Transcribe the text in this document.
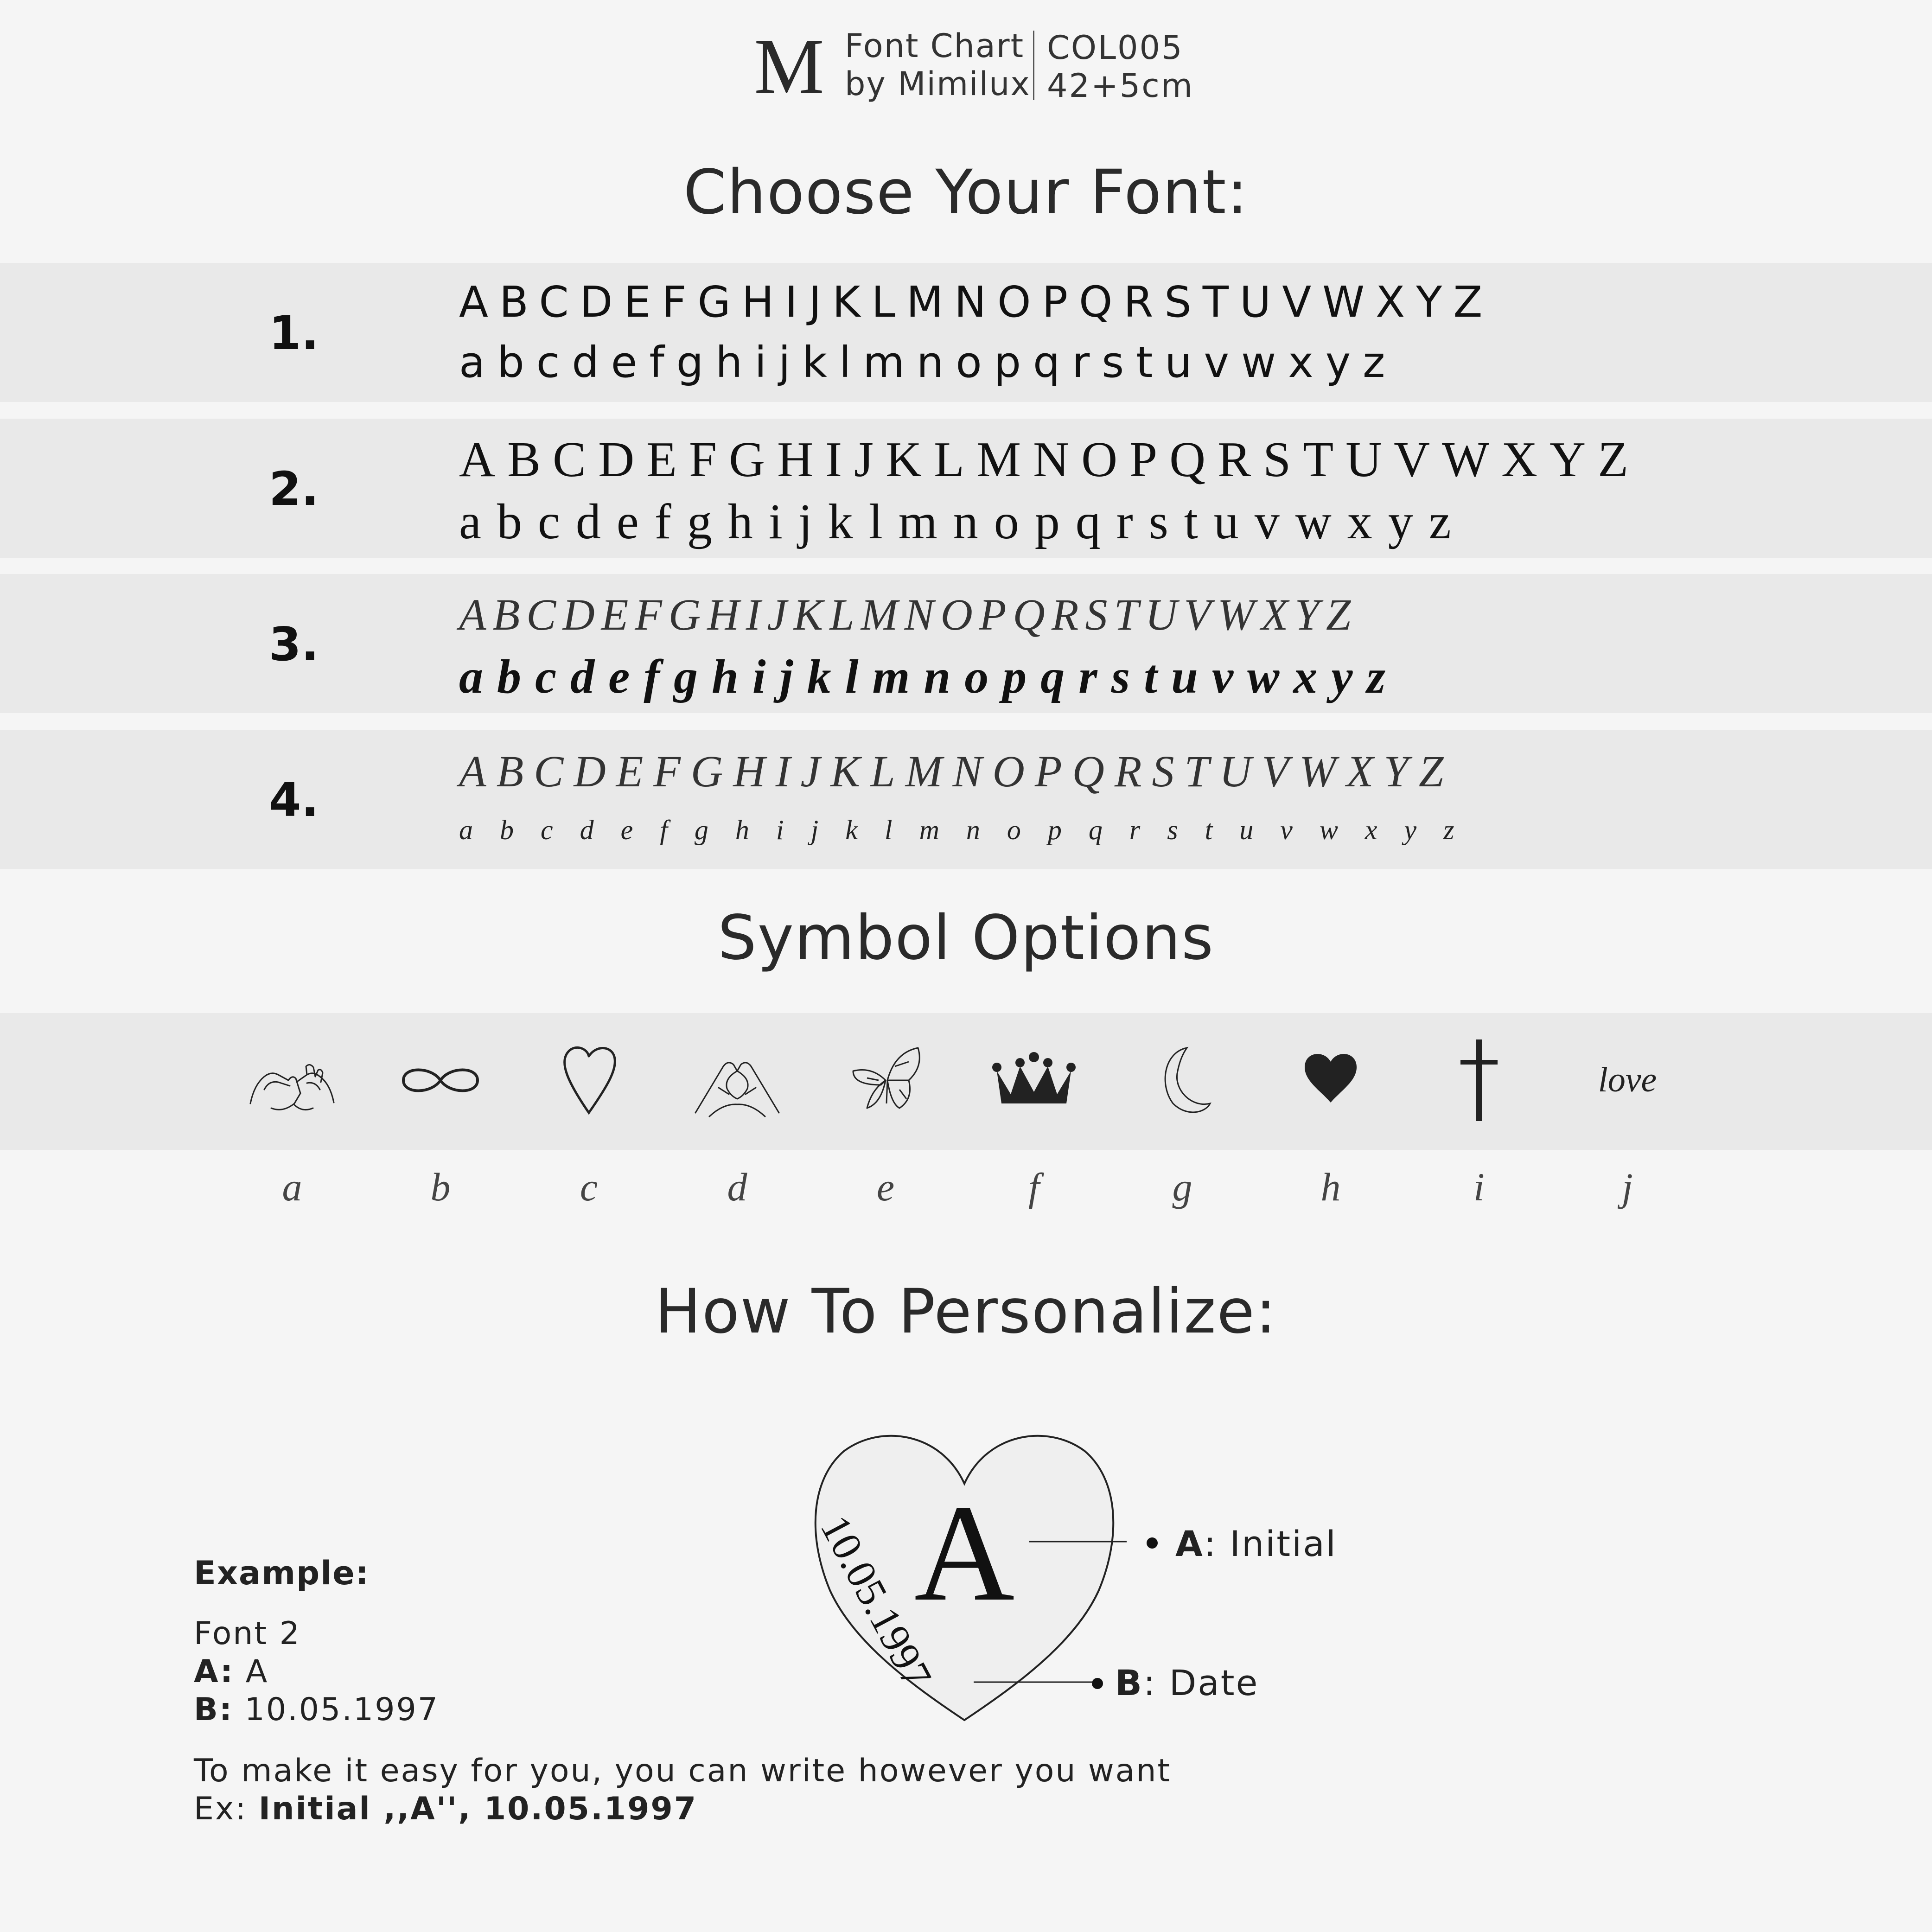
M Font Chart
by Mimilux
COL005
42+5cm
Choose Your Font:
1.
ABCDEFGHIJKLMNOPQRSTUVWXYZ
abcdefghijklmnopqrstuvwxyz
2.
ABCDEFGHIJKLMNOPQRSTUVWXYZ
abcdefghijklmnopqrstuvwxyz
3.
ABCDEFGHIJKLMNOPQRSTUVWXYZ
abcdefghijklmnopqrstuvwxyz
4.
ABCDEFGHIJKLMNOPQRSTUVWXYZ
abcdefghijklmnopqrstuvwxyz
Symbol Options
love
a	b	c	d	e	f	g	h	i	j
How To Personalize:
A
10.05.1997	A: Initial
B: Date
Example:
Font 2
A: A
B: 10.05.1997
To make it easy for you, you can write however you want
Ex: Initial ,,A'', 10.05.1997
